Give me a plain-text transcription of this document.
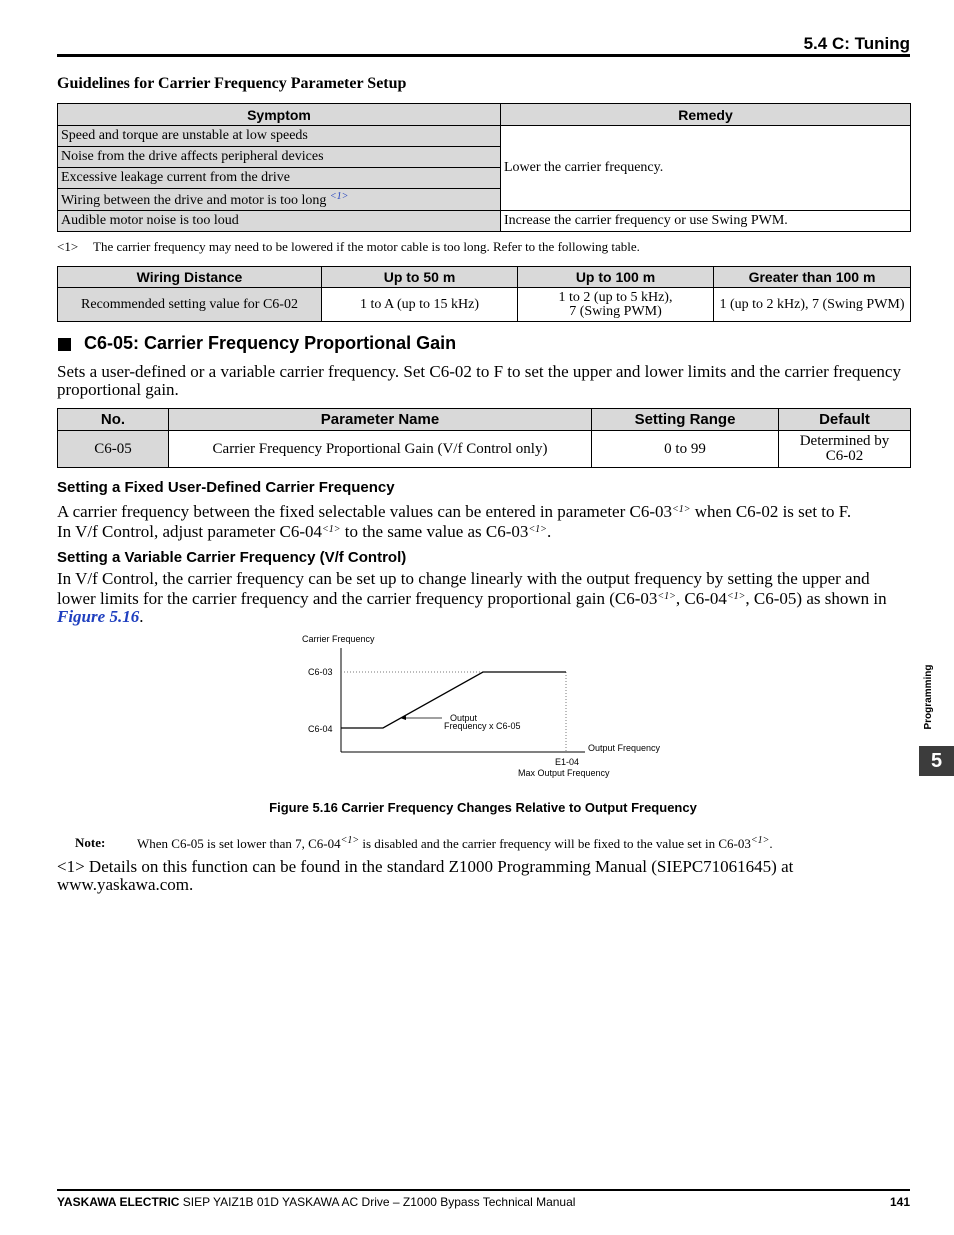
5.4 C: Tuning
Guidelines for Carrier Frequency Parameter Setup
Symptom	Remedy
Speed and torque are unstable at low speeds	Lower the carrier frequency.
Noise from the drive affects peripheral devices	
Excessive leakage current from the drive	
Wiring between the drive and motor is too long $^{<1>}$
Audible motor noise is too loud	Increase the carrier frequency or use Swing PWM.
<1> The carrier frequency may need to be lowered if the motor cable is too long. Refer to the following table.
Wiring Distance	Up to 50 m	Up to 100 m	Greater than 100 m
Recommended setting value for C6-02	1 to A (up to 15 kHz)	1 to 2 (up to 5 kHz),
7 (Swing PWM)	1 (up to 2 kHz), 7 (Swing PWM)
C6-05: Carrier Frequency Proportional Gain
Sets a user-defined or a variable carrier frequency. Set C6-02 to F to set the upper and lower limits and the carrier frequency proportional gain.
No.	Parameter Name	Setting Range	Default
C6-05	Carrier Frequency Proportional Gain (V/f Control only)	0 to 99	Determined by
C6-02
Setting a Fixed User-Defined Carrier Frequency
A carrier frequency between the fixed selectable values can be entered in parameter C6-03$^{<1>}$ when C6-02 is set to F.
In V/f Control, adjust parameter C6-04$^{<1>}$ to the same value as C6-03$^{<1>}$.
Setting a Variable Carrier Frequency (V/f Control)
In V/f Control, the carrier frequency can be set up to change linearly with the output frequency by setting the upper and lower limits for the carrier frequency and the carrier frequency proportional gain (C6-03$^{<1>}$, C6-04$^{<1>}$, C6-05) as shown in Figure 5.16.
Carrier Frequency
C6-03
C6-04
Output
Frequency x C6-05
Output Frequency
E1-04
Max Output Frequency
Figure 5.16 Carrier Frequency Changes Relative to Output Frequency
Note: When C6-05 is set lower than 7, C6-04$^{<1>}$ is disabled and the carrier frequency will be fixed to the value set in C6-03$^{<1>}$.
<1> Details on this function can be found in the standard Z1000 Programming Manual (SIEPC71061645) at
www.yaskawa.com.
Programming
5
YASKAWA ELECTRIC SIEP YAIZ1B 01D YASKAWA AC Drive – Z1000 Bypass Technical Manual	141
